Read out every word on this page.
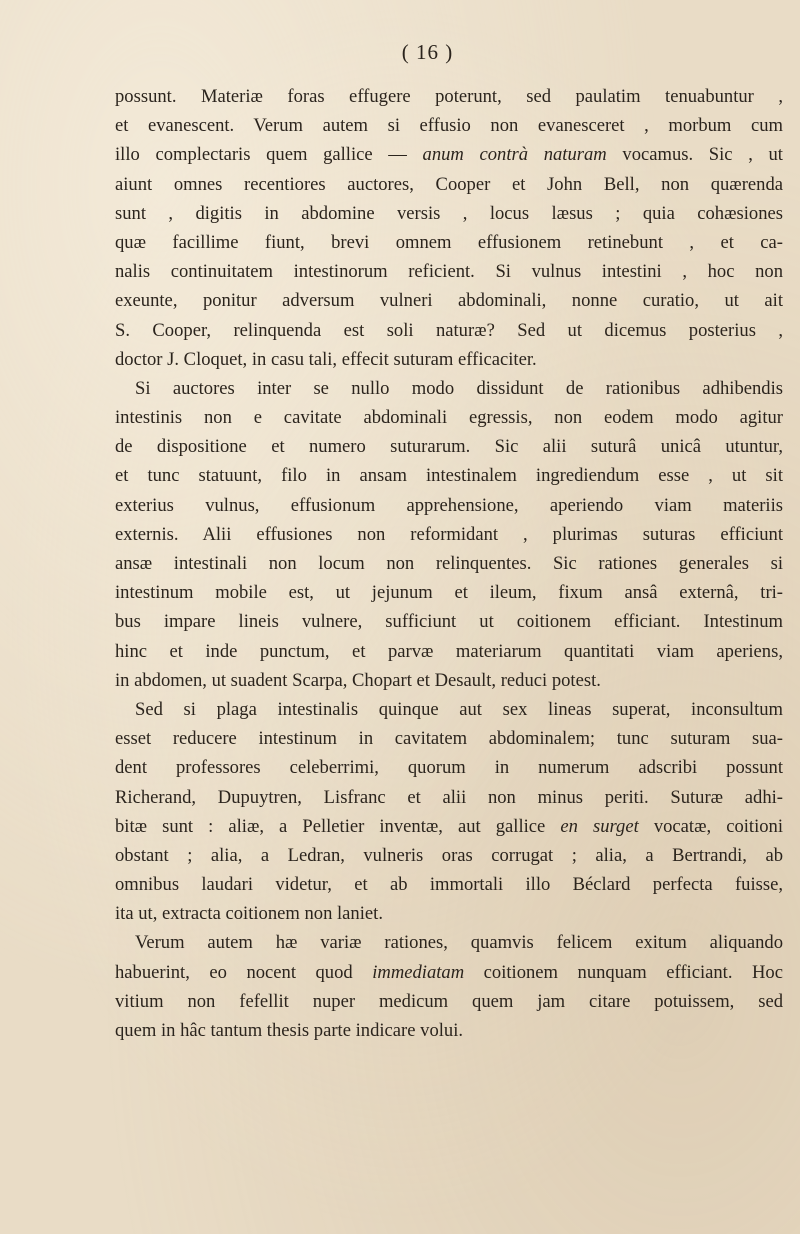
( 16 )
possunt. Materiæ foras effugere poterunt, sed paulatim tenuabuntur ,
et evanescent. Verum autem si effusio non evanesceret , morbum cum
illo complectaris quem gallice — anum contrà naturam vocamus. Sic , ut
aiunt omnes recentiores auctores, Cooper et John Bell, non quærenda
sunt , digitis in abdomine versis , locus læsus ; quia cohæsiones
quæ facillime fiunt, brevi omnem effusionem retinebunt , et ca-
nalis continuitatem intestinorum reficient. Si vulnus intestini , hoc non
exeunte, ponitur adversum vulneri abdominali, nonne curatio, ut ait
S. Cooper, relinquenda est soli naturæ? Sed ut dicemus posterius ,
doctor J. Cloquet, in casu tali, effecit suturam efficaciter.
Si auctores inter se nullo modo dissidunt de rationibus adhibendis
intestinis non e cavitate abdominali egressis, non eodem modo agitur
de dispositione et numero suturarum. Sic alii suturâ unicâ utuntur,
et tunc statuunt, filo in ansam intestinalem ingrediendum esse , ut sit
exterius vulnus, effusionum apprehensione, aperiendo viam materiis
externis. Alii effusiones non reformidant , plurimas suturas efficiunt
ansæ intestinali non locum non relinquentes. Sic rationes generales si
intestinum mobile est, ut jejunum et ileum, fixum ansâ externâ, tri-
bus impare lineis vulnere, sufficiunt ut coitionem efficiant. Intestinum
hinc et inde punctum, et parvæ materiarum quantitati viam aperiens,
in abdomen, ut suadent Scarpa, Chopart et Desault, reduci potest.
Sed si plaga intestinalis quinque aut sex lineas superat, inconsultum
esset reducere intestinum in cavitatem abdominalem; tunc suturam sua-
dent professores celeberrimi, quorum in numerum adscribi possunt
Richerand, Dupuytren, Lisfranc et alii non minus periti. Suturæ adhi-
bitæ sunt : aliæ, a Pelletier inventæ, aut gallice en surget vocatæ, coitioni
obstant ; alia, a Ledran, vulneris oras corrugat ; alia, a Bertrandi, ab
omnibus laudari videtur, et ab immortali illo Béclard perfecta fuisse,
ita ut, extracta coitionem non laniet.
Verum autem hæ variæ rationes, quamvis felicem exitum aliquando
habuerint, eo nocent quod immediatam coitionem nunquam efficiant. Hoc
vitium non fefellit nuper medicum quem jam citare potuissem, sed
quem in hâc tantum thesis parte indicare volui.
